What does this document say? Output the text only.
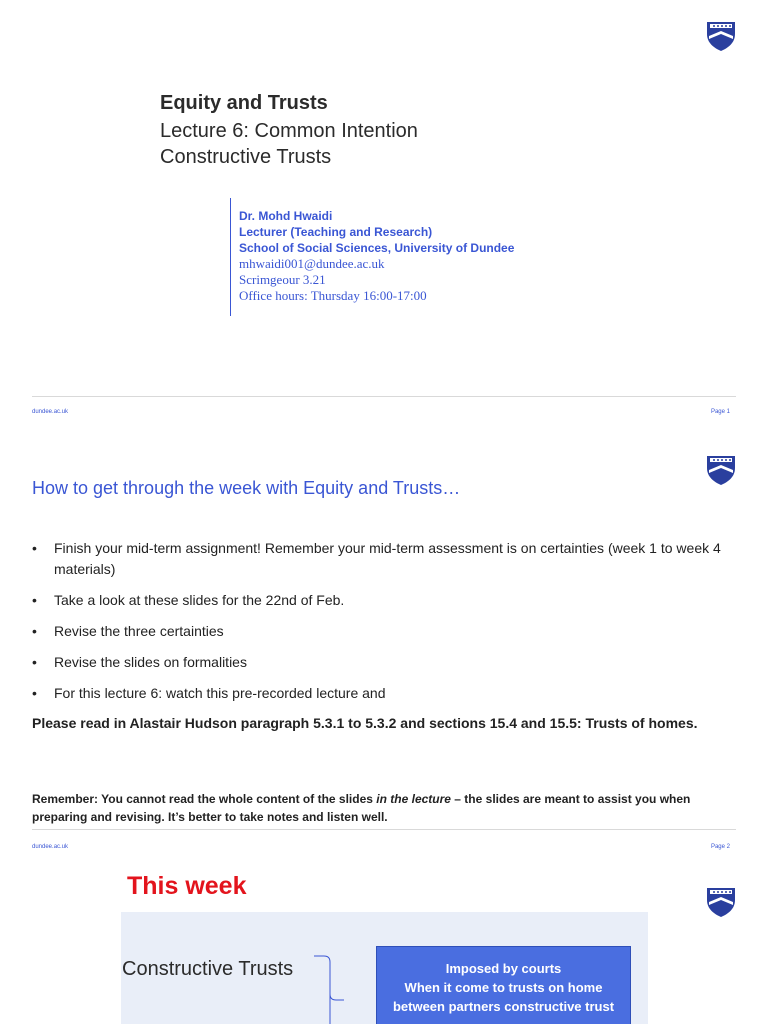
Equity and Trusts
Lecture 6: Common Intention
Constructive Trusts
Dr. Mohd Hwaidi
Lecturer (Teaching and Research)
School of Social Sciences, University of Dundee
mhwaidi001@dundee.ac.uk
Scrimgeour 3.21
Office hours: Thursday 16:00-17:00
dundee.ac.uk	Page 1
How to get through the week with Equity and Trusts…
• Finish your mid-term assignment! Remember your mid-term assessment is on certainties (week 1 to week 4 materials)
• Take a look at these slides for the 22nd of Feb.
• Revise the three certainties
• Revise the slides on formalities
• For this lecture 6: watch this pre-recorded lecture and
Please read in Alastair Hudson paragraph 5.3.1 to 5.3.2 and sections 15.4 and 15.5: Trusts of homes.
Remember: You cannot read the whole content of the slides in the lecture – the slides are meant to assist you when preparing and revising. It’s better to take notes and listen well.
dundee.ac.uk	Page 2
This week
Constructive Trusts	Imposed by courts
When it come to trusts on home
between partners constructive trust
